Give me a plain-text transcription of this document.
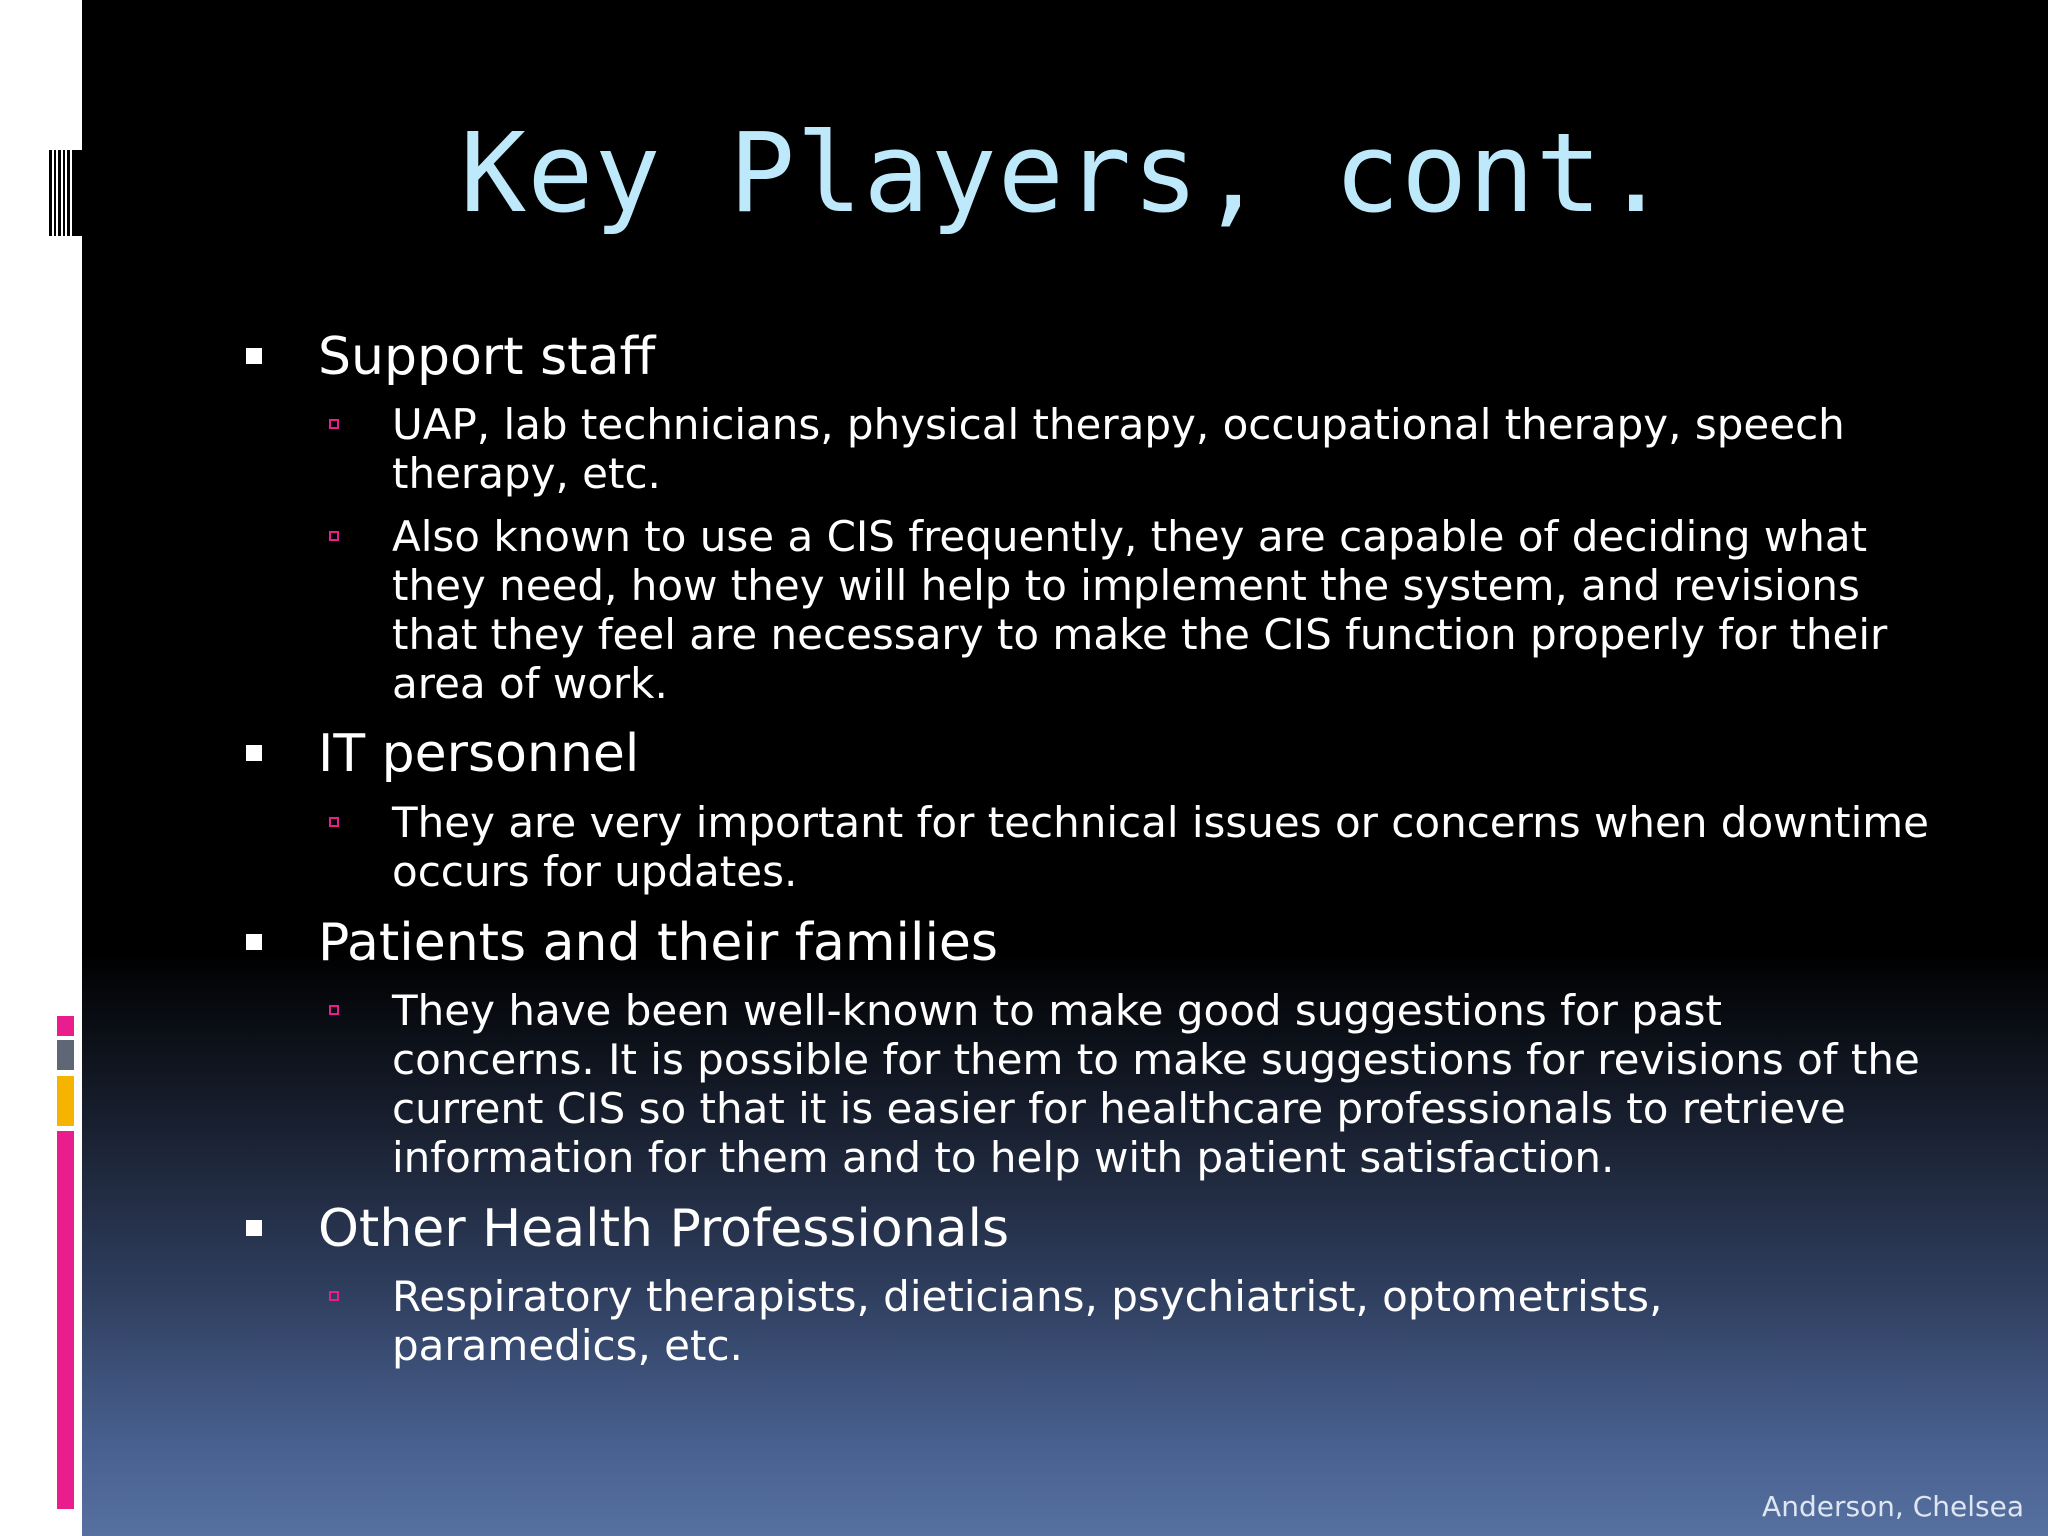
Key Players, cont.
Support staff
UAP, lab technicians, physical therapy, occupational therapy, speech
therapy, etc.
Also known to use a CIS frequently, they are capable of deciding what
they need, how they will help to implement the system, and revisions
that they feel are necessary to make the CIS function properly for their
area of work.
IT personnel
They are very important for technical issues or concerns when downtime
occurs for updates.
Patients and their families
They have been well-known to make good suggestions for past
concerns. It is possible for them to make suggestions for revisions of the
current CIS so that it is easier for healthcare professionals to retrieve
information for them and to help with patient satisfaction.
Other Health Professionals
Respiratory therapists, dieticians, psychiatrist, optometrists,
paramedics, etc.
Anderson, Chelsea
